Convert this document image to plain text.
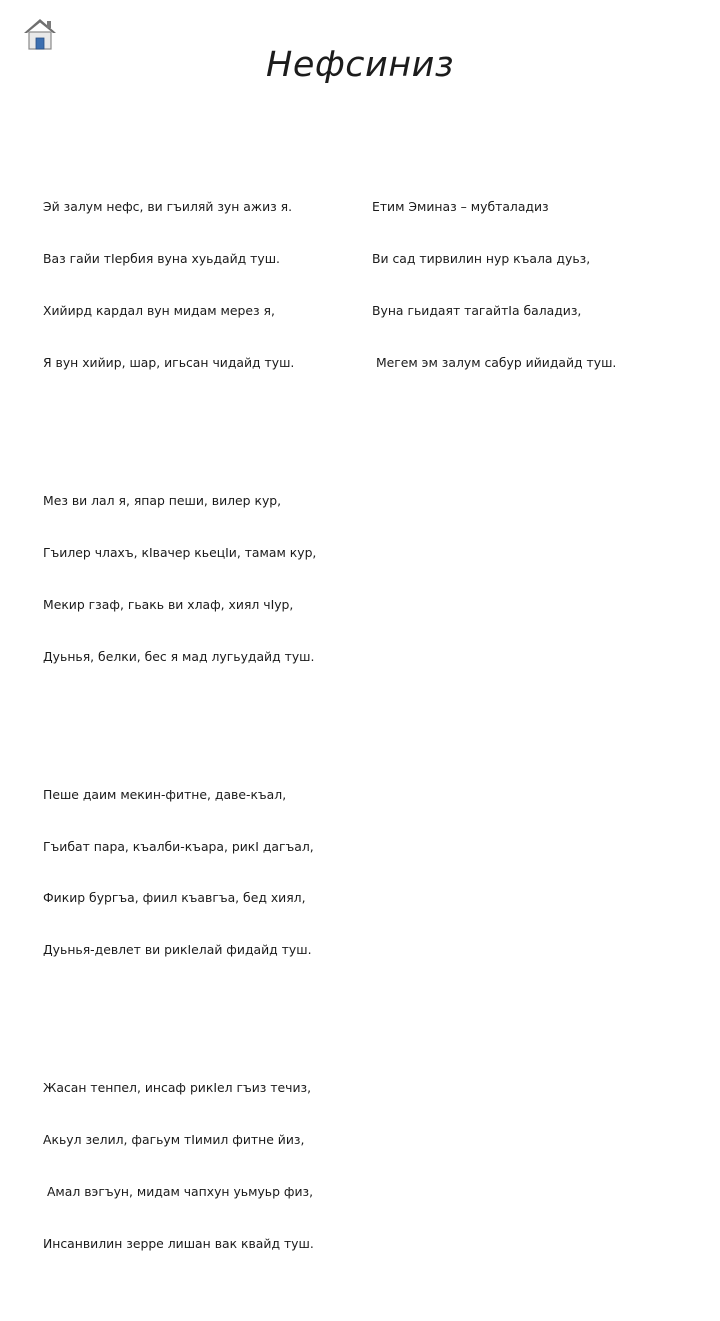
Нефсиниз

Эй залум нефс, ви гъиляй зун ажиз я.

Ваз гайи тІербия вуна хуьдайд туш.

Хийирд кардал вун мидам мерез я,

Я вун хийир, шар, игьсан чидайд туш.

Мез ви лал я, япар пеши, вилер кур,

Гъилер члахъ, кІвачер кьецІи, тамам кур,

Мекир гзаф, гьакь ви хлаф, хиял чІур,

Дуьнья, белки, бес я мад лугьудайд туш.

Пеше даим мекин-фитне, даве-къал,

Гъибат пара, къалби-къара, рикІ дагъал,

Фикир бургъа, фиил къавгъа, бед хиял,

Дуьнья-девлет ви рикІелай фидайд туш.

Жасан тенпел, инсаф рикІел гъиз течиз,

Акьул зелил, фагьум тІимил фитне йиз,

Амал вэгъун, мидам чапхун уьмуьр физ,

Инсанвилин зерре лишан вак квайд туш.

Етим Эминаз – мубталадиз

Ви сад тирвилин нур къала дуьз,

Вуна гьидаят тагайтІа баладиз,

Мегем эм залум сабур ийидайд туш.
